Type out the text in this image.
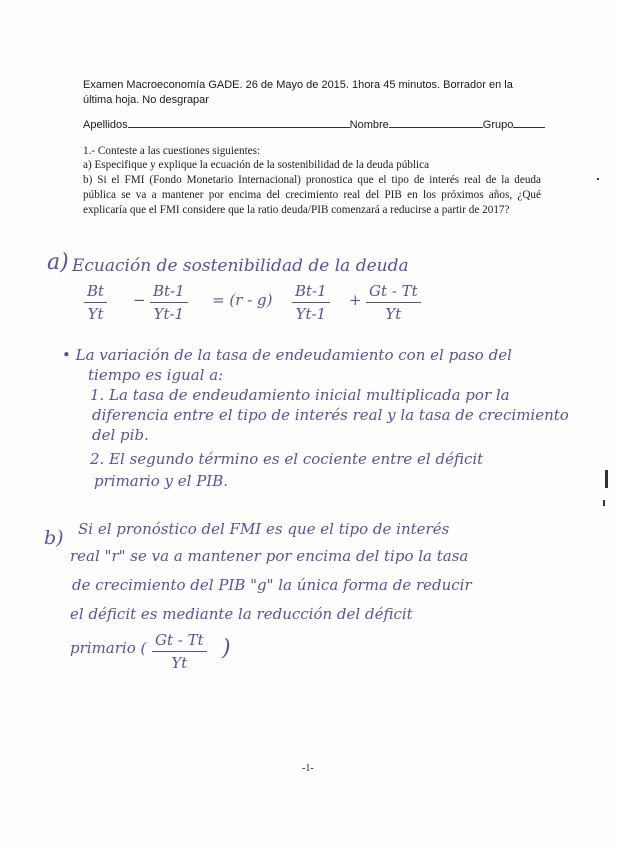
Examen Macroeconomía GADE. 26 de Mayo de 2015. 1hora 45 minutos. Borrador en la
última hoja. No desgrapar
Apellidos	Nombre	Grupo
1.- Conteste a las cuestiones siguientes:
a) Especifique y explique la ecuación de la sostenibilidad de la deuda pública
b) Si el FMI (Fondo Monetario Internacional) pronostica que el tipo de interés real de la deuda pública se va a mantener por encima del crecimiento real del PIB en los próximos años, ¿Qué explicaría que el FMI considere que la ratio deuda/PIB comenzará a reducirse a partir de 2017?
a) Ecuación de sostenibilidad de la deuda
Bt
Yt
− Bt-1
Yt-1
= (r - g) Bt-1
Yt-1
+ Gt - Tt
Yt
• La variación de la tasa de endeudamiento con el paso del
tiempo es igual a:
1. La tasa de endeudamiento inicial multiplicada por la
diferencia entre el tipo de interés real y la tasa de crecimiento
del pib.
2. El segundo término es el cociente entre el déficit
primario y el PIB.
b) Si el pronóstico del FMI es que el tipo de interés
real "r" se va a mantener por encima del tipo la tasa
de crecimiento del PIB "g" la única forma de reducir
el déficit es mediante la reducción del déficit
primario ( Gt - Tt
Yt
)
-1-
